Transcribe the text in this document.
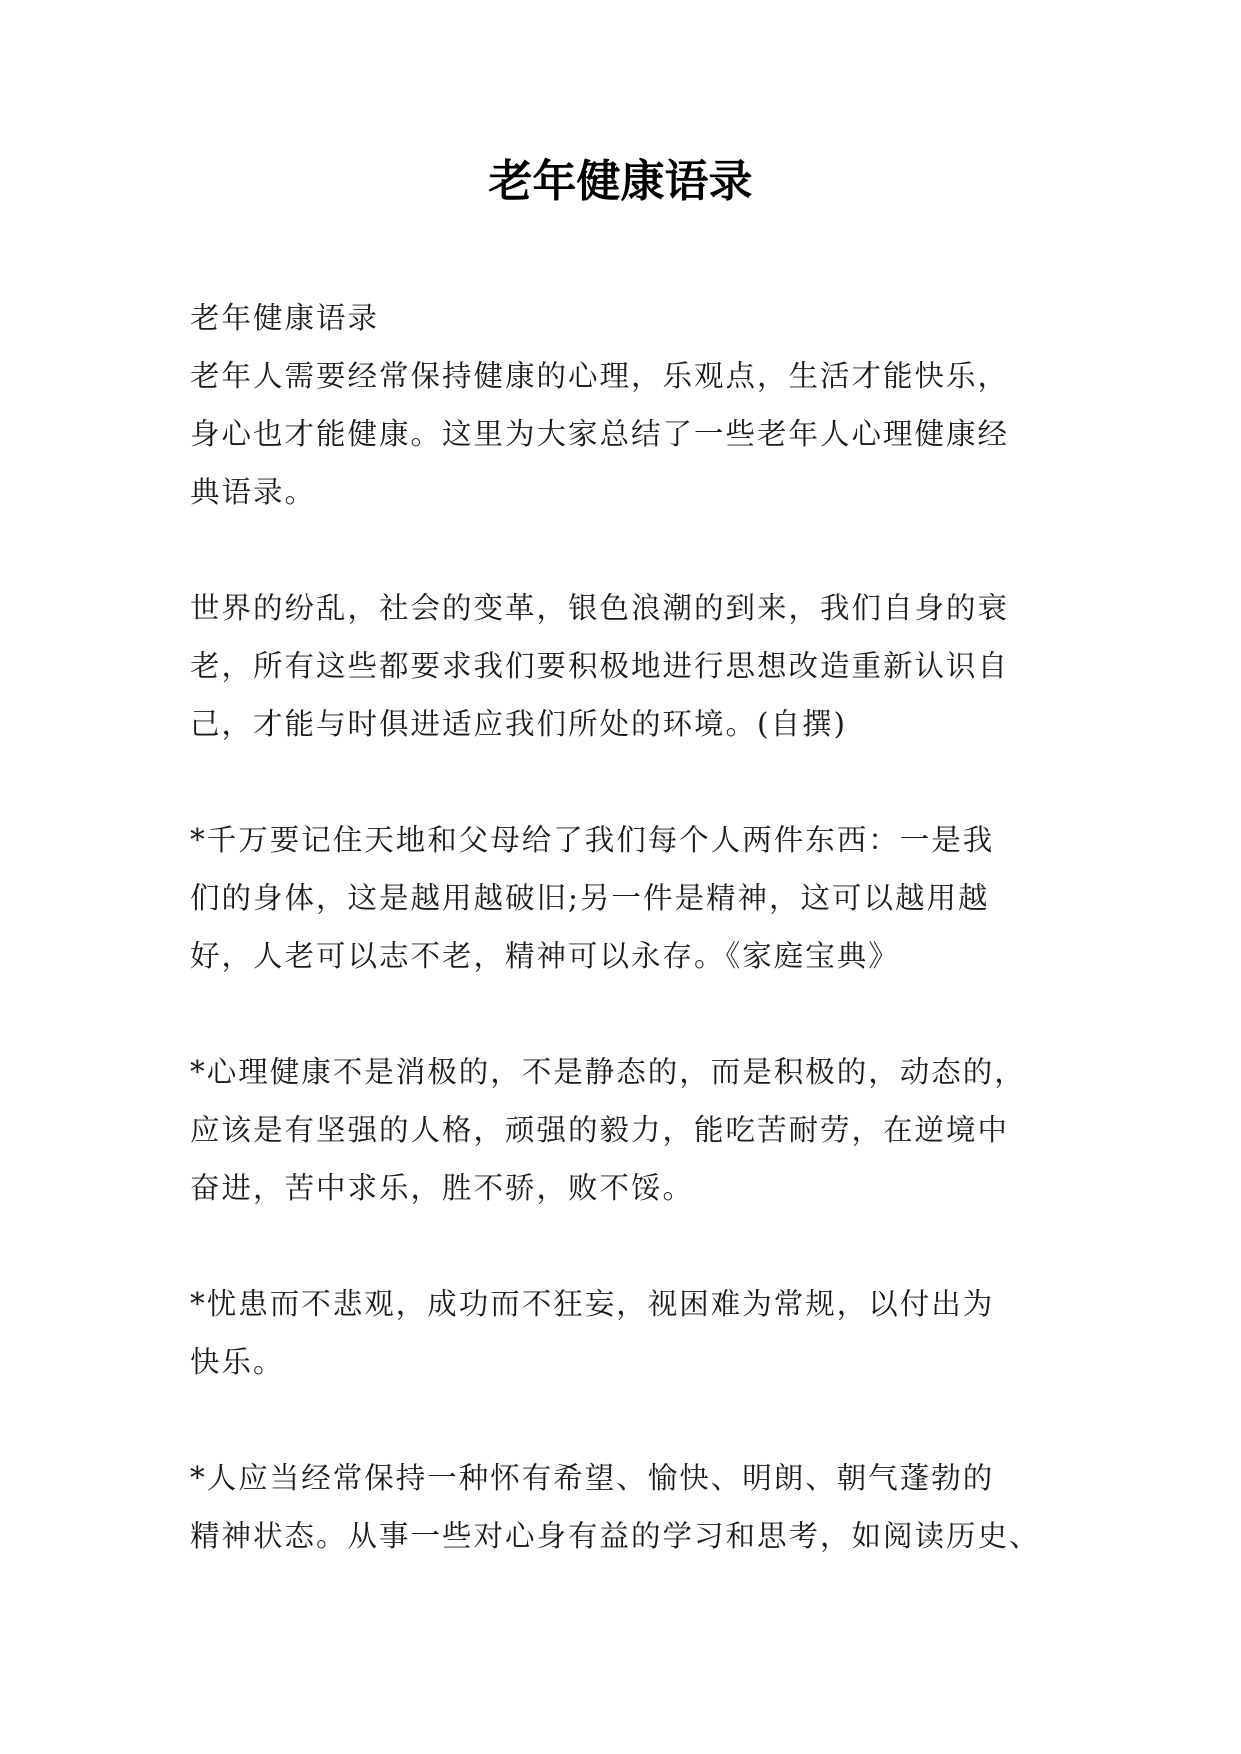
老年健康语录
老年健康语录
老年人需要经常保持健康的心理，乐观点，生活才能快乐，
身心也才能健康。这里为大家总结了一些老年人心理健康经
典语录。
世界的纷乱，社会的变革，银色浪潮的到来，我们自身的衰
老，所有这些都要求我们要积极地进行思想改造重新认识自
己，才能与时俱进适应我们所处的环境。(自撰)
*千万要记住天地和父母给了我们每个人两件东西：一是我
们的身体，这是越用越破旧;另一件是精神，这可以越用越
好，人老可以志不老，精神可以永存。《家庭宝典》
*心理健康不是消极的，不是静态的，而是积极的，动态的，
应该是有坚强的人格，顽强的毅力，能吃苦耐劳，在逆境中
奋进，苦中求乐，胜不骄，败不馁。
*忧患而不悲观，成功而不狂妄，视困难为常规，以付出为
快乐。
*人应当经常保持一种怀有希望、愉快、明朗、朝气蓬勃的
精神状态。从事一些对心身有益的学习和思考，如阅读历史、
